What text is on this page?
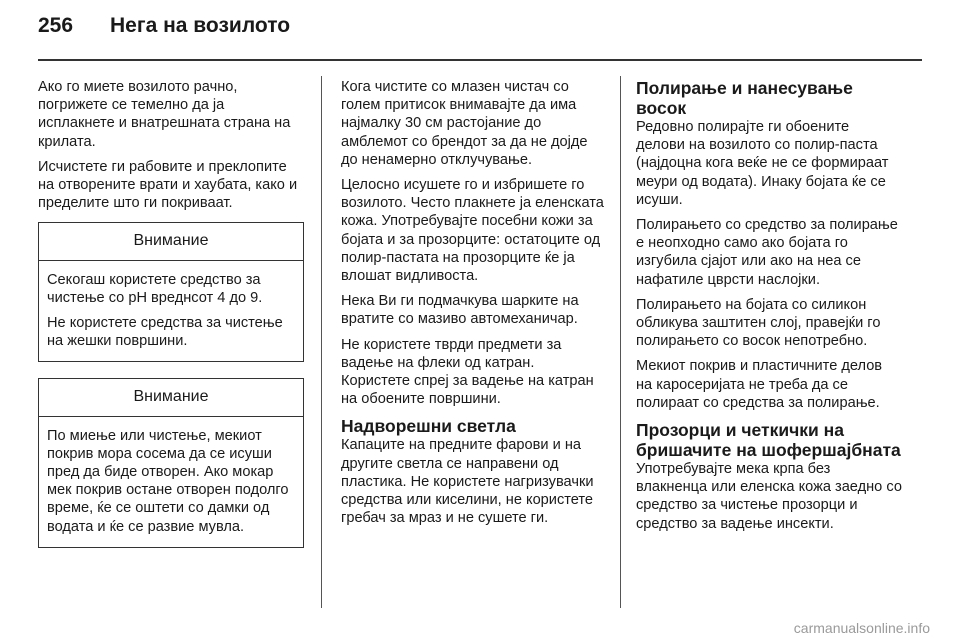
256	Нега на возилото

Ако го миете возилото рачно, погрижете се темелно да ја исплакнете и внатрешната страна на крилата.

Исчистете ги рабовите и преклопите на отворените врати и хаубата, како и пределите што ги покриваат.

Внимание

Секогаш користете средство за чистење со pH вреднсот 4 до 9.

Не користете средства за чистење на жешки површини.

Внимание

По миење или чистење, мекиот покрив мора сосема да се исуши пред да биде отворен. Ако мокар мек покрив остане отворен подолго време, ќе се оштети со дамки од водата и ќе се развие мувла.

Кога чистите со млазен чистач со голем притисок внимавајте да има најмалку 30 cм растојание до амблемот со брендот за да не дојде до ненамерно отклучување.

Целосно исушете го и избришете го возилото. Често плакнете ја еленската кожа. Употребувајте посебни кожи за бојата и за прозорците: остатоците од полир-пастата на прозорците ќе ја влошат видливоста.

Нека Ви ги подмачкува шарките на вратите со мазиво автомеханичар.

Не користете тврди предмети за вадење на флеки од катран. Користете спреј за вадење на катран на обоените површини.

Надворешни светла

Капаците на предните фарови и на другите светла се направени од пластика. Не користете нагризувачки средства или киселини, не користете гребач за мраз и не сушете ги.

Полирање и нанесување восок

Редовно полирајте ги обоените делови на возилото со полир-паста (најдоцна кога веќе не се формираат меури од водата). Инаку бојата ќе се исуши.

Полирањето со средство за полирање е неопходно само ако бојата го изгубила сјајот или ако на неа се нафатиле цврсти наслојки.

Полирањето на бојата со силикон обликува заштитен слој, правејќи го полирањето со восок непотребно.

Мекиот покрив и пластичните делов на каросеријата не треба да се полираат со средства за полирање.

Прозорци и четкички на бришачите на шофершајбната

Употребувајте мека крпа без влакненца или еленска кожа заедно со средство за чистење прозорци и средство за вадење инсекти.

carmanualsonline.info
